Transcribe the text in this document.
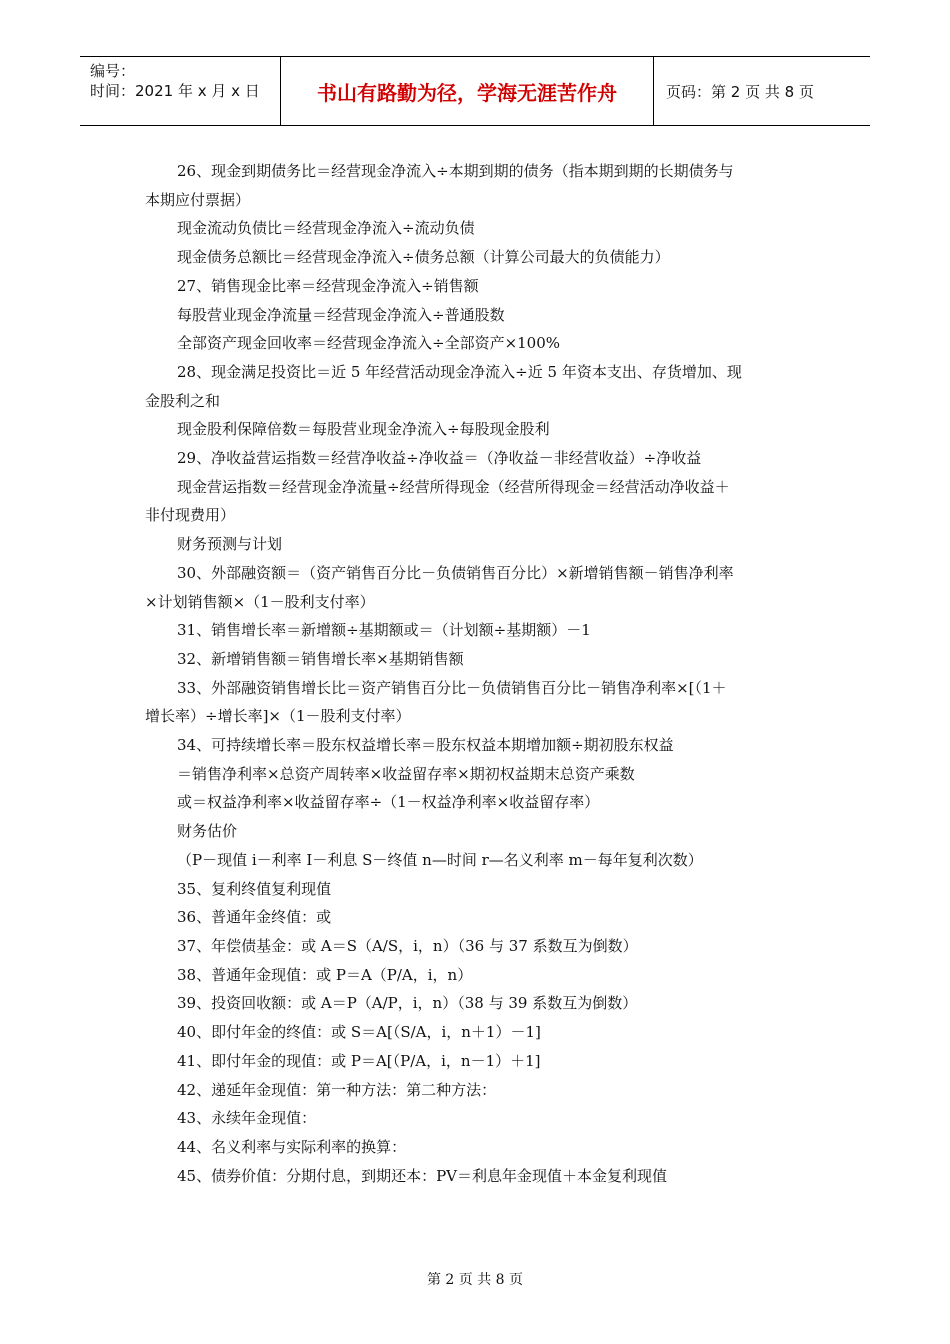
编号：
时间：2021 年 x 月 x 日	书山有路勤为径，学海无涯苦作舟	页码：第 2 页 共 8 页
26、现金到期债务比＝经营现金净流入÷本期到期的债务（指本期到期的长期债务与
本期应付票据）
现金流动负债比＝经营现金净流入÷流动负债
现金债务总额比＝经营现金净流入÷债务总额（计算公司最大的负债能力）
27、销售现金比率＝经营现金净流入÷销售额
每股营业现金净流量＝经营现金净流入÷普通股数
全部资产现金回收率＝经营现金净流入÷全部资产×100%
28、现金满足投资比＝近 5 年经营活动现金净流入÷近 5 年资本支出、存货增加、现
金股利之和
现金股利保障倍数＝每股营业现金净流入÷每股现金股利
29、净收益营运指数＝经营净收益÷净收益＝（净收益－非经营收益）÷净收益
现金营运指数＝经营现金净流量÷经营所得现金（经营所得现金＝经营活动净收益＋
非付现费用）
财务预测与计划
30、外部融资额＝（资产销售百分比－负债销售百分比）×新增销售额－销售净利率
×计划销售额×（1－股利支付率）
31、销售增长率＝新增额÷基期额或＝（计划额÷基期额）－1
32、新增销售额＝销售增长率×基期销售额
33、外部融资销售增长比＝资产销售百分比－负债销售百分比－销售净利率×[（1＋
增长率）÷增长率]×（1－股利支付率）
34、可持续增长率＝股东权益增长率＝股东权益本期增加额÷期初股东权益
＝销售净利率×总资产周转率×收益留存率×期初权益期末总资产乘数
或＝权益净利率×收益留存率÷（1－权益净利率×收益留存率）
财务估价
（P－现值 i－利率 I－利息 S－终值 n—时间 r—名义利率 m－每年复利次数）
35、复利终值复利现值
36、普通年金终值：或
37、年偿债基金：或 A＝S（A/S，i，n）（36 与 37 系数互为倒数）
38、普通年金现值：或 P＝A（P/A，i，n）
39、投资回收额：或 A＝P（A/P，i，n）（38 与 39 系数互为倒数）
40、即付年金的终值：或 S＝A[（S/A，i，n＋1）－1]
41、即付年金的现值：或 P＝A[（P/A，i，n－1）＋1]
42、递延年金现值：第一种方法：第二种方法：
43、永续年金现值：
44、名义利率与实际利率的换算：
45、债券价值：分期付息，到期还本：PV＝利息年金现值＋本金复利现值
第 2 页 共 8 页
